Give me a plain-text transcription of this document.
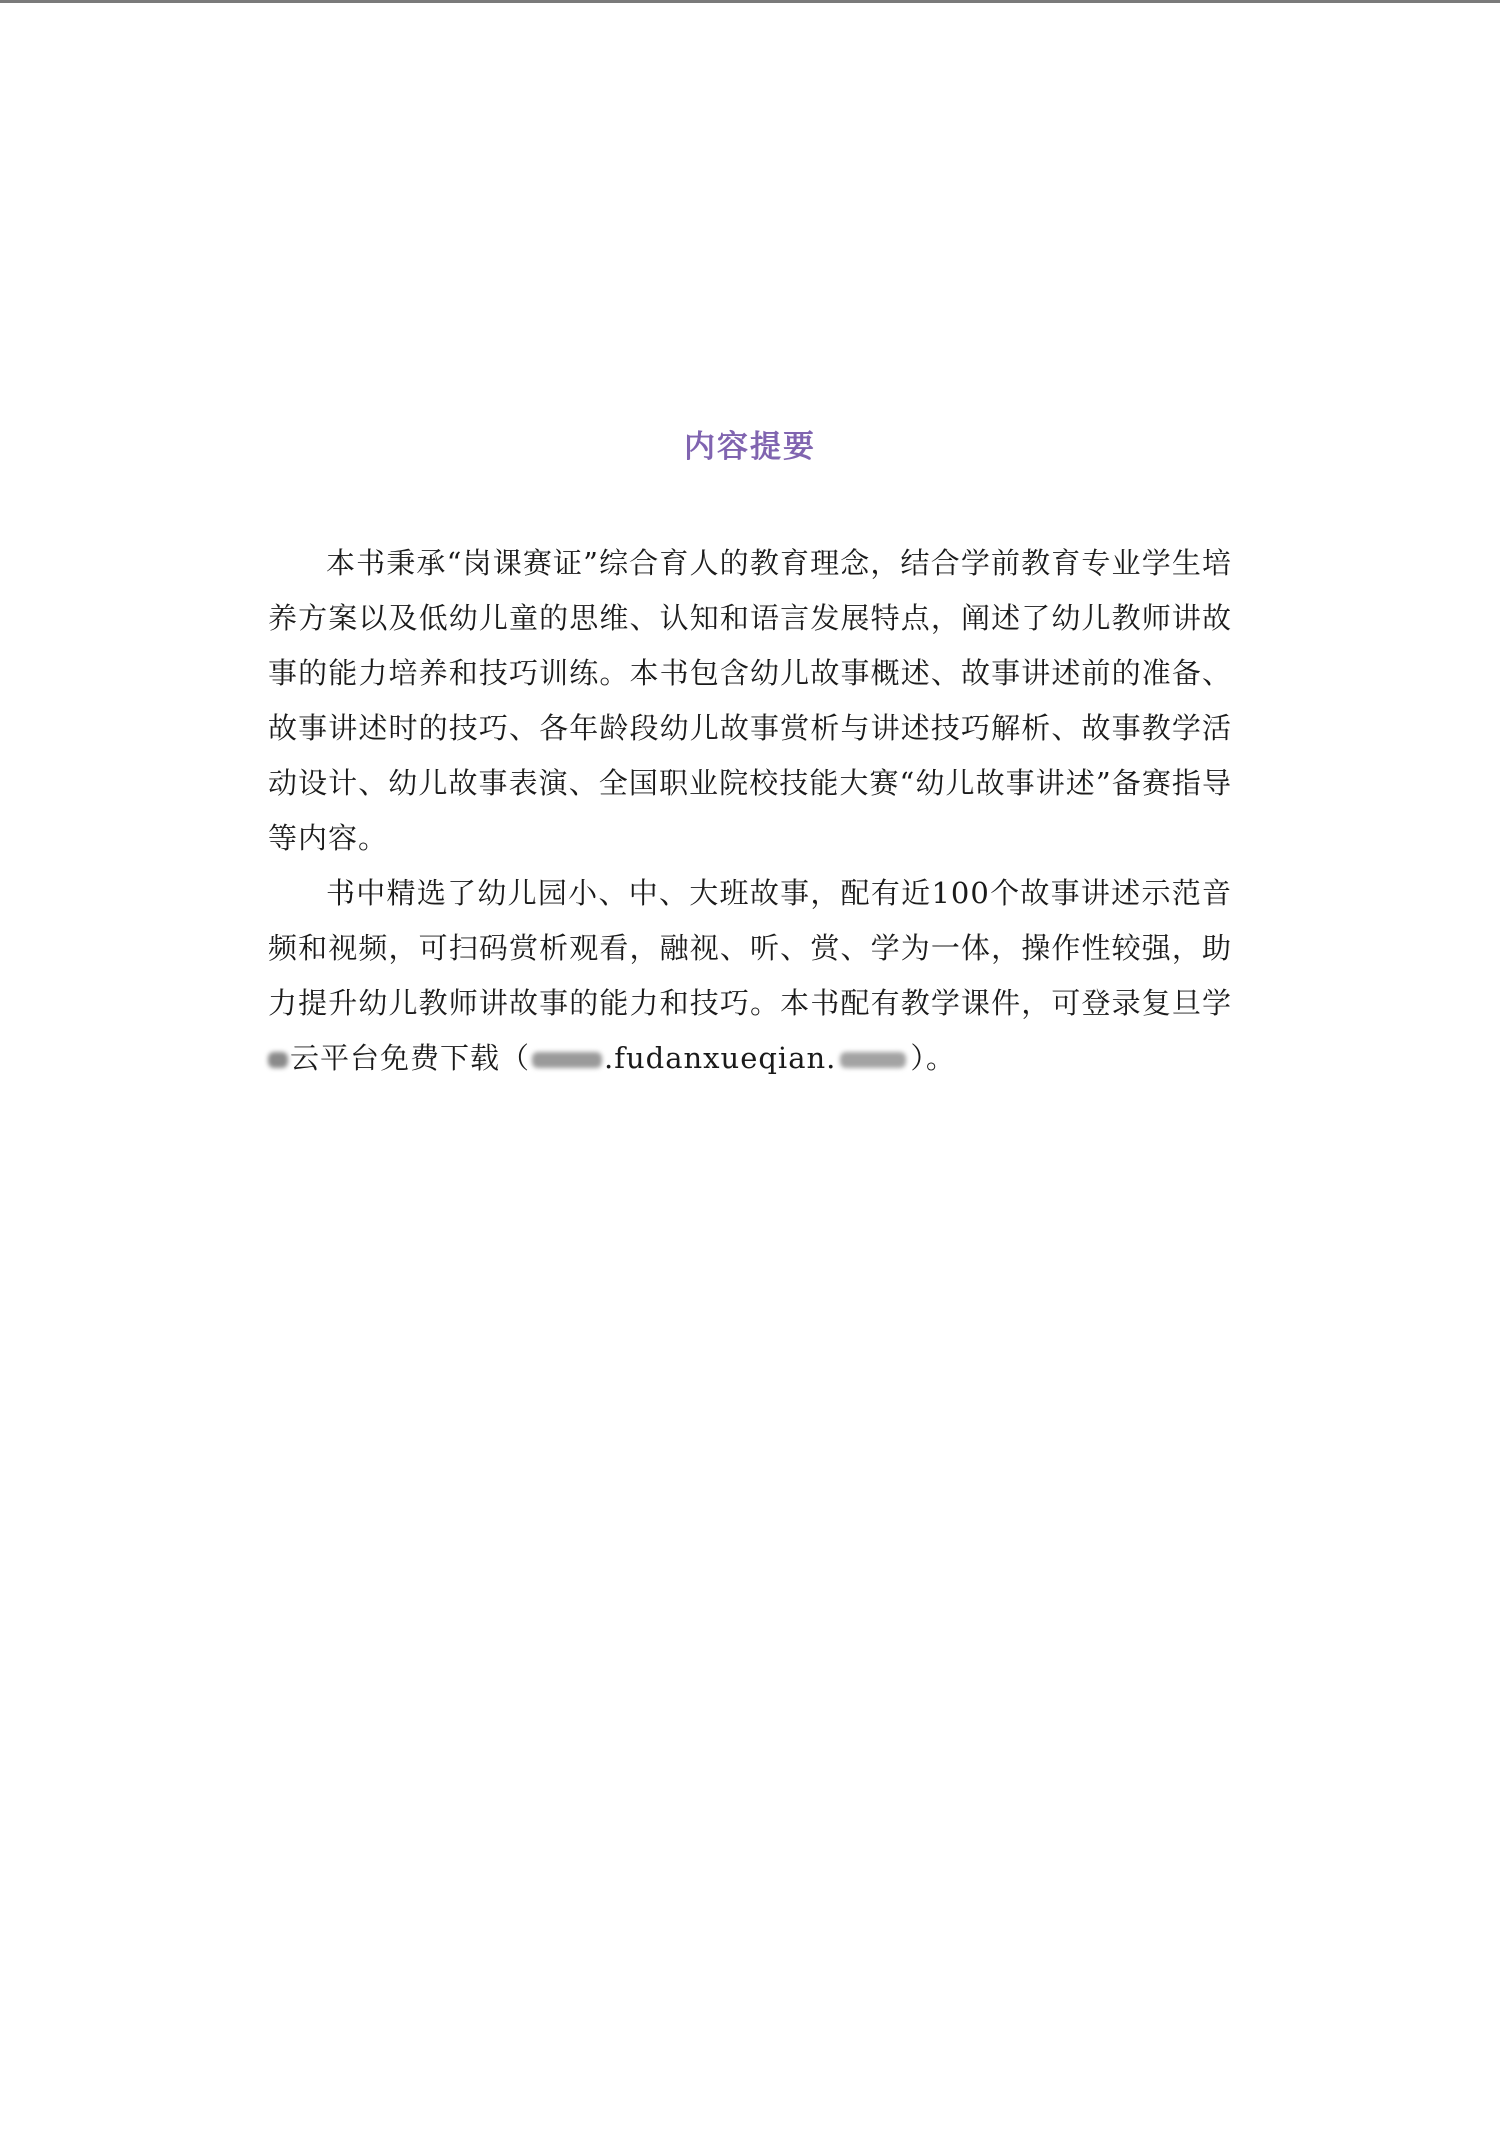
内容提要

本书秉承“岗课赛证”综合育人的教育理念，结合学前教育专业学生培养方案以及低幼儿童的思维、认知和语言发展特点，阐述了幼儿教师讲故事的能力培养和技巧训练。本书包含幼儿故事概述、故事讲述前的准备、故事讲述时的技巧、各年龄段幼儿故事赏析与讲述技巧解析、故事教学活动设计、幼儿故事表演、全国职业院校技能大赛“幼儿故事讲述”备赛指导等内容。

书中精选了幼儿园小、中、大班故事，配有近100个故事讲述示范音频和视频，可扫码赏析观看，融视、听、赏、学为一体，操作性较强，助力提升幼儿教师讲故事的能力和技巧。本书配有教学课件，可登录复旦学云平台免费下载（	.fudanxueqian.	）。
